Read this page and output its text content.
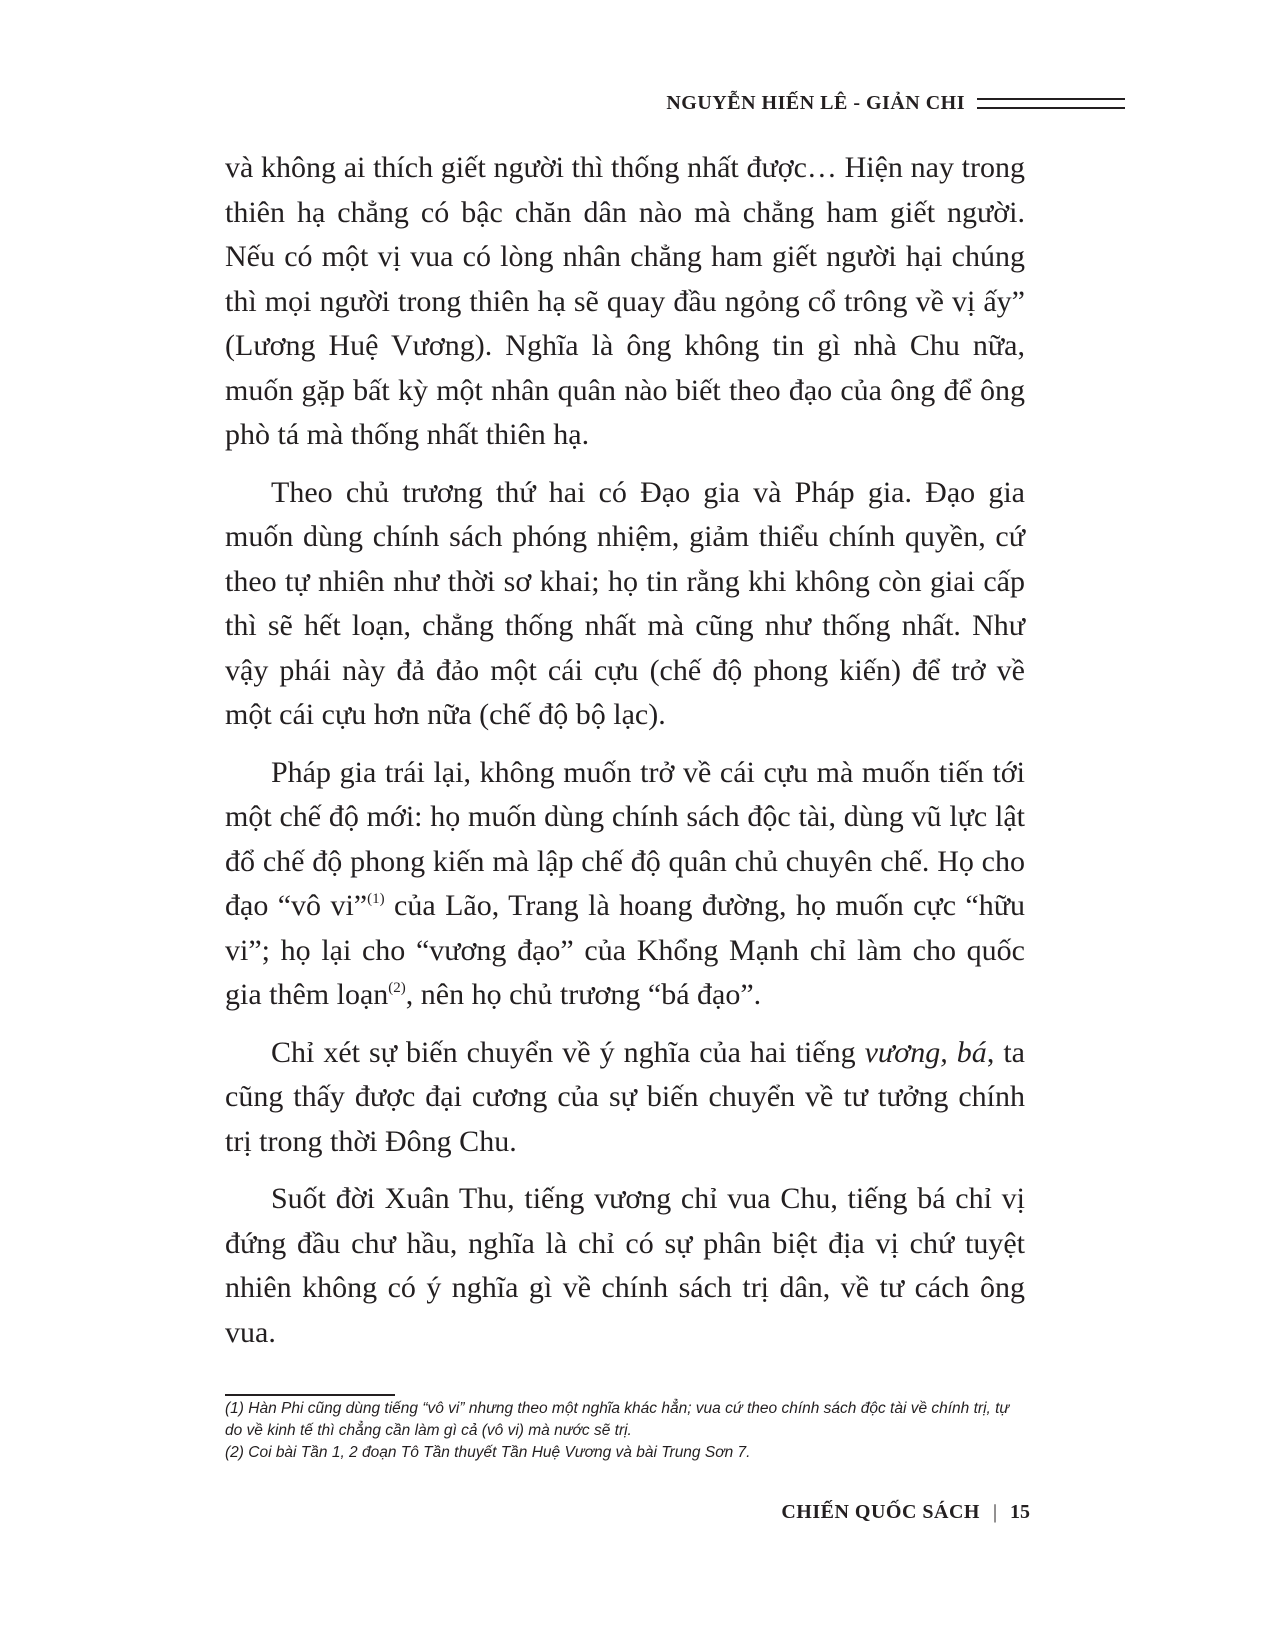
NGUYỄN HIẾN LÊ - GIẢN CHI

và không ai thích giết người thì thống nhất được… Hiện nay trong thiên hạ chẳng có bậc chăn dân nào mà chẳng ham giết người. Nếu có một vị vua có lòng nhân chẳng ham giết người hại chúng thì mọi người trong thiên hạ sẽ quay đầu ngỏng cổ trông về vị ấy” (Lương Huệ Vương). Nghĩa là ông không tin gì nhà Chu nữa, muốn gặp bất kỳ một nhân quân nào biết theo đạo của ông để ông phò tá mà thống nhất thiên hạ.

Theo chủ trương thứ hai có Đạo gia và Pháp gia. Đạo gia muốn dùng chính sách phóng nhiệm, giảm thiểu chính quyền, cứ theo tự nhiên như thời sơ khai; họ tin rằng khi không còn giai cấp thì sẽ hết loạn, chẳng thống nhất mà cũng như thống nhất. Như vậy phái này đả đảo một cái cựu (chế độ phong kiến) để trở về một cái cựu hơn nữa (chế độ bộ lạc).

Pháp gia trái lại, không muốn trở về cái cựu mà muốn tiến tới một chế độ mới: họ muốn dùng chính sách độc tài, dùng vũ lực lật đổ chế độ phong kiến mà lập chế độ quân chủ chuyên chế. Họ cho đạo “vô vi”$^{(1)}$ của Lão, Trang là hoang đường, họ muốn cực “hữu vi”; họ lại cho “vương đạo” của Khổng Mạnh chỉ làm cho quốc gia thêm loạn$^{(2)}$, nên họ chủ trương “bá đạo”.

Chỉ xét sự biến chuyển về ý nghĩa của hai tiếng vương, bá, ta cũng thấy được đại cương của sự biến chuyển về tư tưởng chính trị trong thời Đông Chu.

Suốt đời Xuân Thu, tiếng vương chỉ vua Chu, tiếng bá chỉ vị đứng đầu chư hầu, nghĩa là chỉ có sự phân biệt địa vị chứ tuyệt nhiên không có ý nghĩa gì về chính sách trị dân, về tư cách ông vua.

(1) Hàn Phi cũng dùng tiếng “vô vi” nhưng theo một nghĩa khác hẳn; vua cứ theo chính sách độc tài về chính trị, tự do về kinh tế thì chẳng cần làm gì cả (vô vi) mà nước sẽ trị.

(2) Coi bài Tần 1, 2 đoạn Tô Tần thuyết Tần Huệ Vương và bài Trung Sơn 7.

CHIẾN QUỐC SÁCH | 15
